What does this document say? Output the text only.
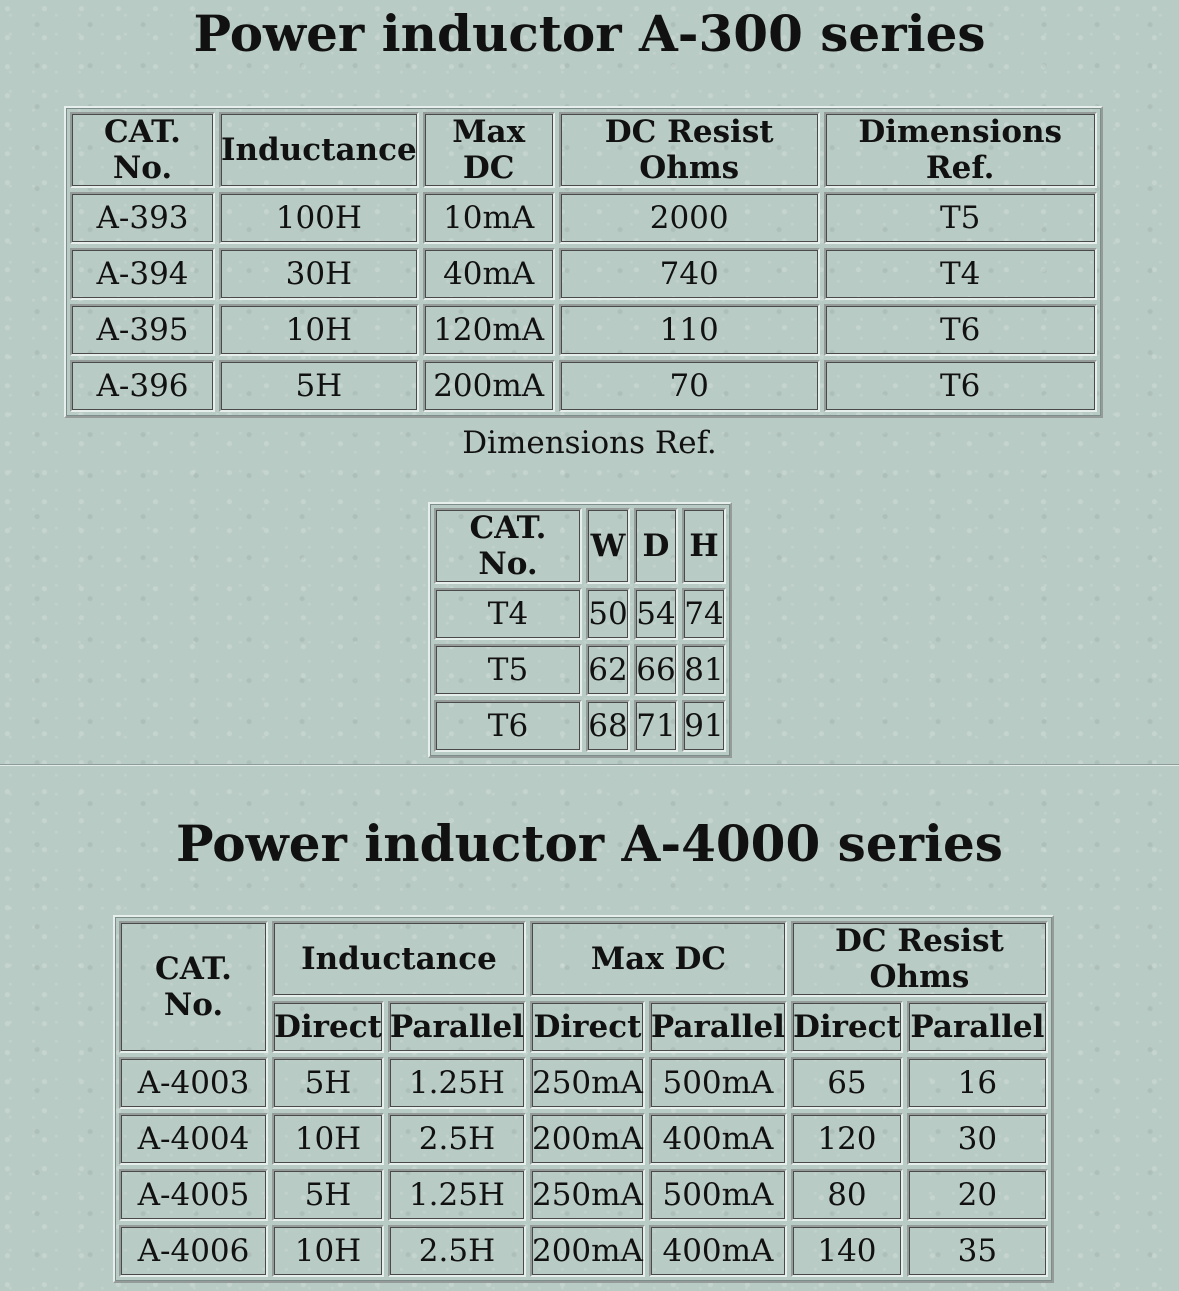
Power inductor A-300 series
CAT. No.	Inductance	Max DC	DC Resist Ohms	Dimensions Ref.
A-393	100H	10mA	2000	T5
A-394	30H	40mA	740	T4
A-395	10H	120mA	110	T6
A-396	5H	200mA	70	T6
Dimensions Ref.
CAT. No.	W	D	H
T4	50	54	74
T5	62	66	81
T6	68	71	91
Power inductor A-4000 series
CAT. No.	Inductance		Max DC		DC Resist Ohms	
	Direct	Parallel	Direct	Parallel	Direct	Parallel
A-4003	5H	1.25H	250mA	500mA	65	16
A-4004	10H	2.5H	200mA	400mA	120	30
A-4005	5H	1.25H	250mA	500mA	80	20
A-4006	10H	2.5H	200mA	400mA	140	35
